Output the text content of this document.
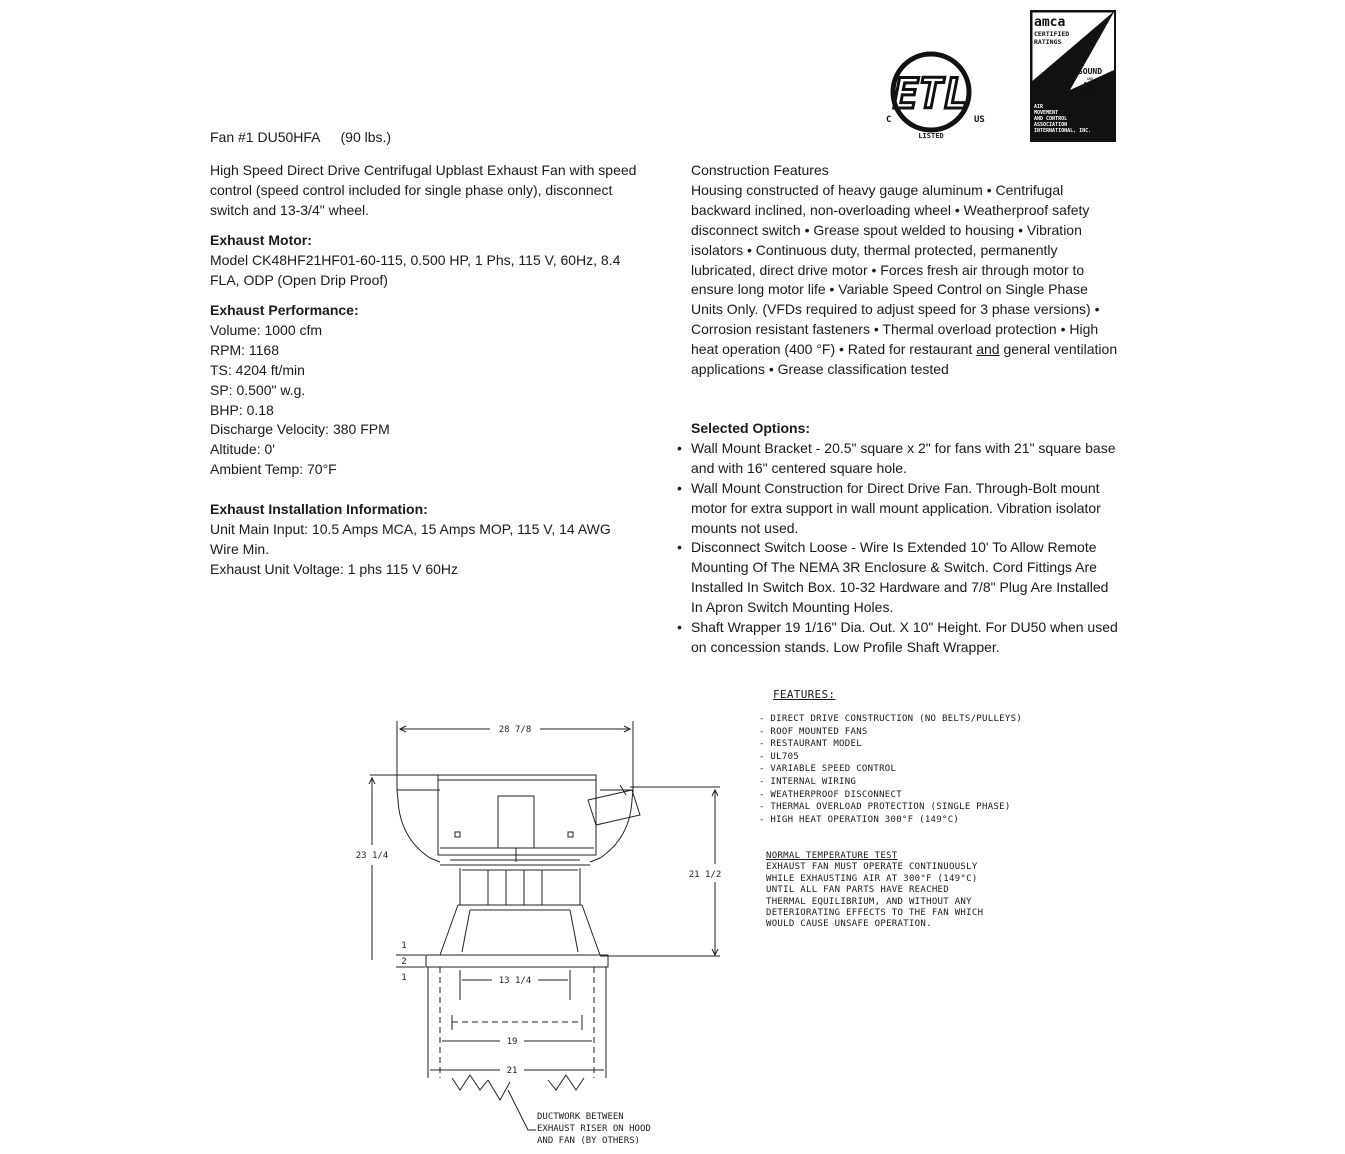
ETL
C	US
LISTED
amca
CERTIFIED
RATINGS
SOUND
AND
AIR
PERFORMANCE
AIR
MOVEMENT
AND CONTROL
ASSOCIATION
INTERNATIONAL, INC.
Fan #1 DU50HFA (90 lbs.)
High Speed Direct Drive Centrifugal Upblast Exhaust Fan with speed
control (speed control included for single phase only), disconnect
switch and 13-3/4" wheel.
Exhaust Motor:
Model CK48HF21HF01-60-115, 0.500 HP, 1 Phs, 115 V, 60Hz, 8.4
FLA, ODP (Open Drip Proof)
Exhaust Performance:
Volume: 1000 cfm
RPM: 1168
TS: 4204 ft/min
SP: 0.500" w.g.
BHP: 0.18
Discharge Velocity: 380 FPM
Altitude: 0'
Ambient Temp: 70°F
Exhaust Installation Information:
Unit Main Input: 10.5 Amps MCA, 15 Amps MOP, 115 V, 14 AWG
Wire Min.
Exhaust Unit Voltage: 1 phs 115 V 60Hz
Construction Features
Housing constructed of heavy gauge aluminum • Centrifugal
backward inclined, non-overloading wheel • Weatherproof safety
disconnect switch • Grease spout welded to housing • Vibration
isolators • Continuous duty, thermal protected, permanently
lubricated, direct drive motor • Forces fresh air through motor to
ensure long motor life • Variable Speed Control on Single Phase
Units Only. (VFDs required to adjust speed for 3 phase versions) •
Corrosion resistant fasteners • Thermal overload protection • High
heat operation (400 °F) • Rated for restaurant and general ventilation
applications • Grease classification tested
Selected Options:
• Wall Mount Bracket - 20.5" square x 2" for fans with 21" square base
and with 16" centered square hole.
• Wall Mount Construction for Direct Drive Fan. Through-Bolt mount
motor for extra support in wall mount application. Vibration isolator
mounts not used.
• Disconnect Switch Loose - Wire Is Extended 10' To Allow Remote
Mounting Of The NEMA 3R Enclosure & Switch. Cord Fittings Are
Installed In Switch Box. 10-32 Hardware and 7/8" Plug Are Installed
In Apron Switch Mounting Holes.
• Shaft Wrapper 19 1/16" Dia. Out. X 10" Height. For DU50 when used
on concession stands. Low Profile Shaft Wrapper.
28 7/8
23 1/4
21 1/2
1
2
1	13 1/4
19
21
DUCTWORK BETWEEN
EXHAUST RISER ON HOOD
AND FAN (BY OTHERS)
FEATURES:
- DIRECT DRIVE CONSTRUCTION (NO BELTS/PULLEYS)
- ROOF MOUNTED FANS
- RESTAURANT MODEL
- UL705
- VARIABLE SPEED CONTROL
- INTERNAL WIRING
- WEATHERPROOF DISCONNECT
- THERMAL OVERLOAD PROTECTION (SINGLE PHASE)
- HIGH HEAT OPERATION 300°F (149°C)
NORMAL TEMPERATURE TEST
EXHAUST FAN MUST OPERATE CONTINUOUSLY
WHILE EXHAUSTING AIR AT 300°F (149°C)
UNTIL ALL FAN PARTS HAVE REACHED
THERMAL EQUILIBRIUM, AND WITHOUT ANY
DETERIORATING EFFECTS TO THE FAN WHICH
WOULD CAUSE UNSAFE OPERATION.
